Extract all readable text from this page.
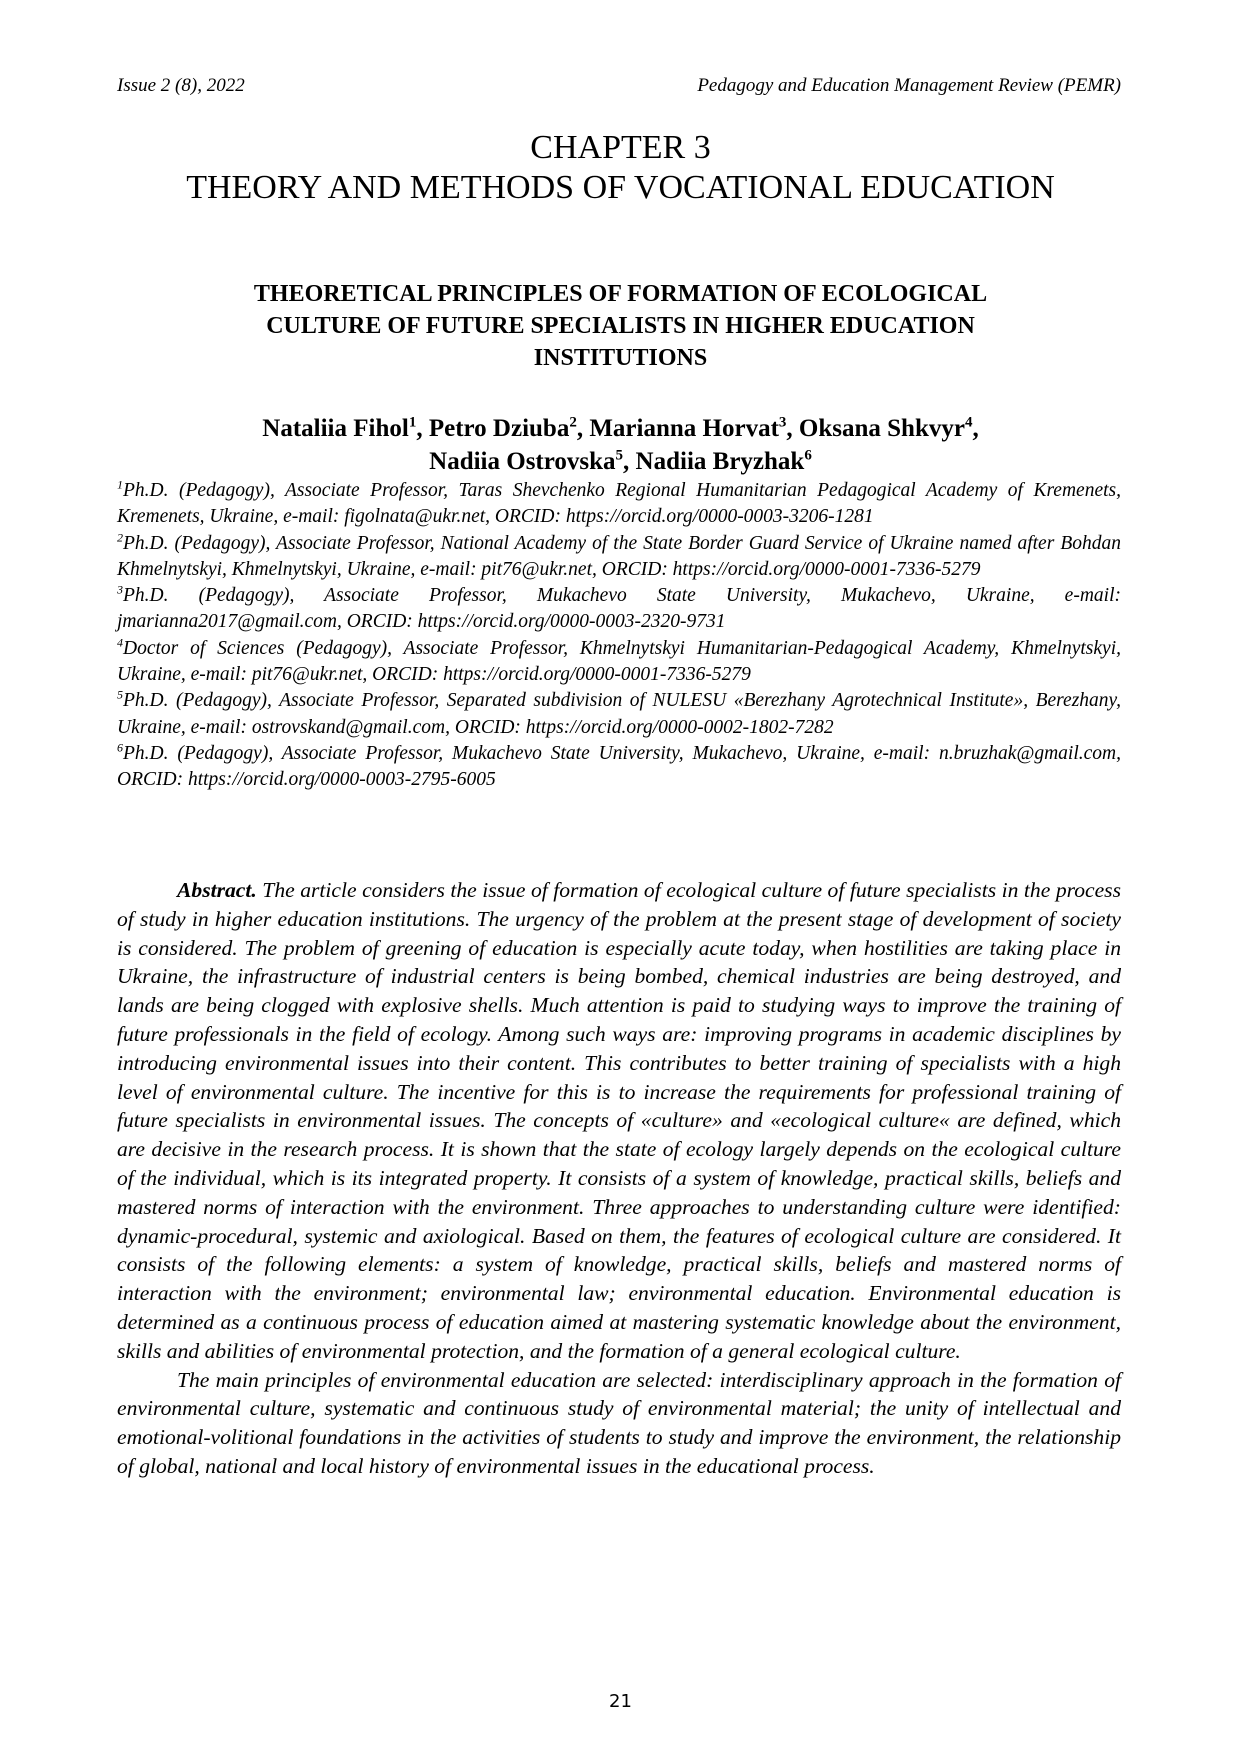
Issue 2 (8), 2022	Pedagogy and Education Management Review (PEMR)
CHAPTER 3
THEORY AND METHODS OF VOCATIONAL EDUCATION
THEORETICAL PRINCIPLES OF FORMATION OF ECOLOGICAL
CULTURE OF FUTURE SPECIALISTS IN HIGHER EDUCATION
INSTITUTIONS
Nataliia Fihol$^1$, Petro Dziuba$^2$, Marianna Horvat$^3$, Oksana Shkvyr$^4$,
Nadiia Ostrovska$^5$, Nadiia Bryzhak$^6$

$^1$Ph.D. (Pedagogy), Associate Professor, Taras Shevchenko Regional Humanitarian Pedagogical Academy of Kremenets, Kremenets, Ukraine, e-mail: figolnata@ukr.net, ORCID: https://orcid.org/0000-0003-3206-1281

$^2$Ph.D. (Pedagogy), Associate Professor, National Academy of the State Border Guard Service of Ukraine named after Bohdan Khmelnytskyi, Khmelnytskyi, Ukraine, e-mail: pit76@ukr.net, ORCID: https://orcid.org/0000-0001-7336-5279

$^3$Ph.D. (Pedagogy), Associate Professor, Mukachevo State University, Mukachevo, Ukraine, e-mail: jmarianna2017@gmail.com, ORCID: https://orcid.org/0000-0003-2320-9731

$^4$Doctor of Sciences (Pedagogy), Associate Professor, Khmelnytskyi Humanitarian-Pedagogical Academy, Khmelnytskyi, Ukraine, e-mail: pit76@ukr.net, ORCID: https://orcid.org/0000-0001-7336-5279

$^5$Ph.D. (Pedagogy), Associate Professor, Separated subdivision of NULESU «Berezhany Agrotechnical Institute», Berezhany, Ukraine, e-mail: ostrovskand@gmail.com, ORCID: https://orcid.org/0000-0002-1802-7282

$^6$Ph.D. (Pedagogy), Associate Professor, Mukachevo State University, Mukachevo, Ukraine, e-mail: n.bruzhak@gmail.com, ORCID: https://orcid.org/0000-0003-2795-6005

Abstract. The article considers the issue of formation of ecological culture of future specialists in the process of study in higher education institutions. The urgency of the problem at the present stage of development of society is considered. The problem of greening of education is especially acute today, when hostilities are taking place in Ukraine, the infrastructure of industrial centers is being bombed, chemical industries are being destroyed, and lands are being clogged with explosive shells. Much attention is paid to studying ways to improve the training of future professionals in the field of ecology. Among such ways are: improving programs in academic disciplines by introducing environmental issues into their content. This contributes to better training of specialists with a high level of environmental culture. The incentive for this is to increase the requirements for professional training of future specialists in environmental issues. The concepts of «culture» and «ecological culture« are defined, which are decisive in the research process. It is shown that the state of ecology largely depends on the ecological culture of the individual, which is its integrated property. It consists of a system of knowledge, practical skills, beliefs and mastered norms of interaction with the environment. Three approaches to understanding culture were identified: dynamic-procedural, systemic and axiological. Based on them, the features of ecological culture are considered. It consists of the following elements: a system of knowledge, practical skills, beliefs and mastered norms of interaction with the environment; environmental law; environmental education. Environmental education is determined as a continuous process of education aimed at mastering systematic knowledge about the environment, skills and abilities of environmental protection, and the formation of a general ecological culture.

The main principles of environmental education are selected: interdisciplinary approach in the formation of environmental culture, systematic and continuous study of environmental material; the unity of intellectual and emotional-volitional foundations in the activities of students to study and improve the environment, the relationship of global, national and local history of environmental issues in the educational process.

21
